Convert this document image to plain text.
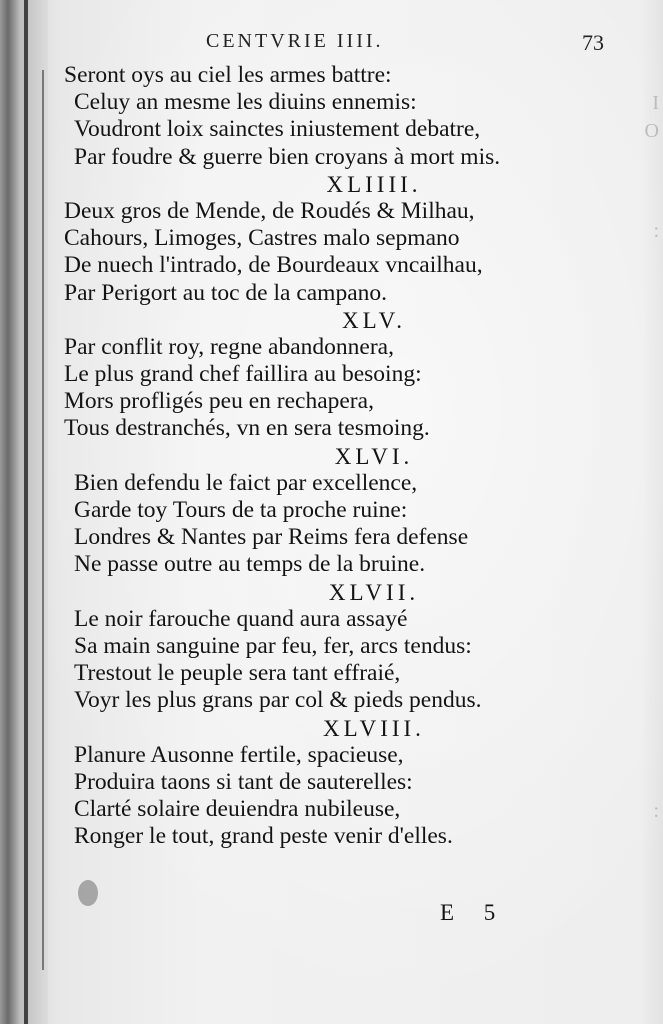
I
O
:
:
CENTVRIE IIII.	73
Seront oys au ciel les armes battre:
Celuy an mesme les diuins ennemis:
Voudront loix sainctes iniustement debatre,
Par foudre & guerre bien croyans à mort mis.
XLIIII.
Deux gros de Mende, de Roudés & Milhau,
Cahours, Limoges, Castres malo sepmano
De nuech l'intrado, de Bourdeaux vncailhau,
Par Perigort au toc de la campano.
XLV.
Par conflit roy, regne abandonnera,
Le plus grand chef faillira au besoing:
Mors profligés peu en rechapera,
Tous destranchés, vn en sera tesmoing.
XLVI.
Bien defendu le faict par excellence,
Garde toy Tours de ta proche ruine:
Londres & Nantes par Reims fera defense
Ne passe outre au temps de la bruine.
XLVII.
Le noir farouche quand aura assayé
Sa main sanguine par feu, fer, arcs tendus:
Trestout le peuple sera tant effraié,
Voyr les plus grans par col & pieds pendus.
XLVIII.
Planure Ausonne fertile, spacieuse,
Produira taons si tant de sauterelles:
Clarté solaire deuiendra nubileuse,
Ronger le tout, grand peste venir d'elles.
E 5
